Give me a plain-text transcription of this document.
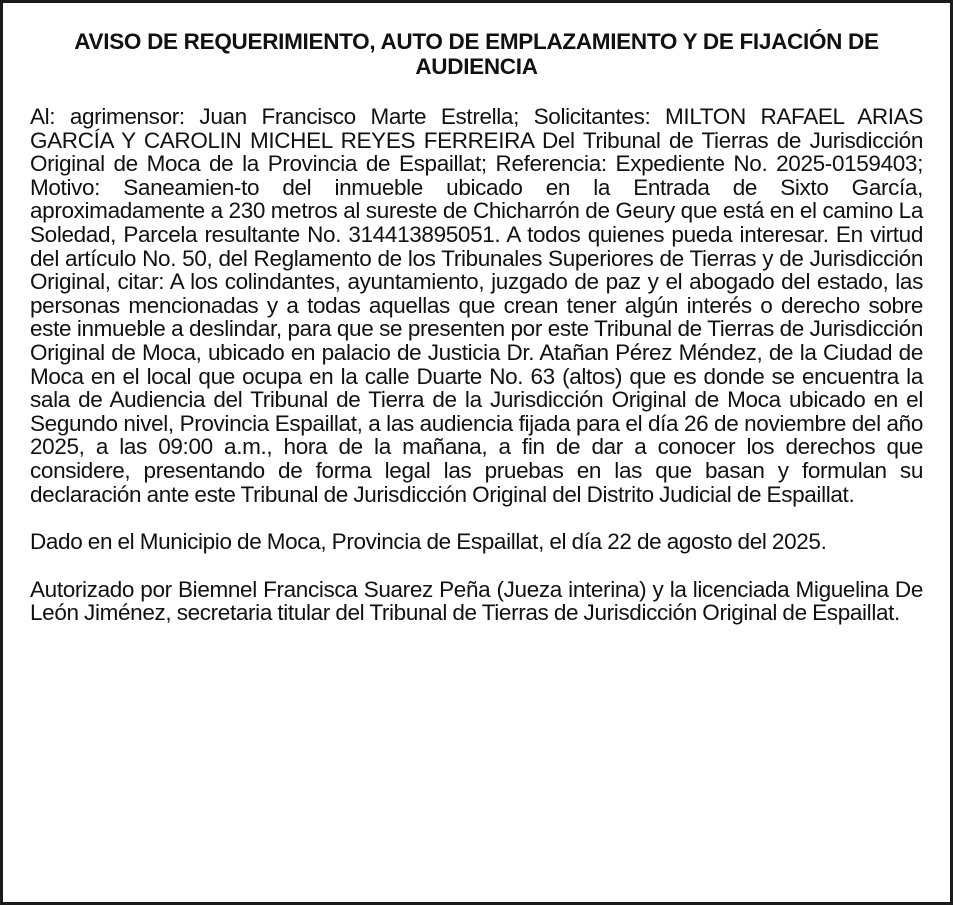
AVISO DE REQUERIMIENTO, AUTO DE EMPLAZAMIENTO Y DE FIJACIÓN DE AUDIENCIA

Al: agrimensor: Juan Francisco Marte Estrella; Solicitantes: MILTON RAFAEL ARIAS GARCÍA Y CAROLIN MICHEL REYES FERREIRA Del Tribunal de Tierras de Jurisdicción Original de Moca de la Provincia de Espaillat; Referencia: Expediente No. 2025-0159403; Motivo: Saneamien-to del inmueble ubicado en la Entrada de Sixto García, aproximadamente a 230 metros al sureste de Chicharrón de Geury que está en el camino La Soledad, Parcela resultante No. 314413895051. A todos quienes pueda interesar. En virtud del artículo No. 50, del Reglamento de los Tribunales Superiores de Tierras y de Jurisdicción Original, citar: A los colindantes, ayuntamiento, juzgado de paz y el abogado del estado, las personas mencionadas y a todas aquellas que crean tener algún interés o derecho sobre este inmueble a deslindar, para que se presenten por este Tribunal de Tierras de Jurisdicción Original de Moca, ubicado en palacio de Justicia Dr. Atañan Pérez Méndez, de la Ciudad de Moca en el local que ocupa en la calle Duarte No. 63 (altos) que es donde se encuentra la sala de Audiencia del Tribunal de Tierra de la Jurisdicción Original de Moca ubicado en el Segundo nivel, Provincia Espaillat, a las audiencia fijada para el día 26 de noviembre del año 2025, a las 09:00 a.m., hora de la mañana, a fin de dar a conocer los derechos que considere, presentando de forma legal las pruebas en las que basan y formulan su declaración ante este Tribunal de Jurisdicción Original del Distrito Judicial de Espaillat.

Dado en el Municipio de Moca, Provincia de Espaillat, el día 22 de agosto del 2025.

Autorizado por Biemnel Francisca Suarez Peña (Jueza interina) y la licenciada Miguelina De León Jiménez, secretaria titular del Tribunal de Tierras de Jurisdicción Original de Espaillat.
